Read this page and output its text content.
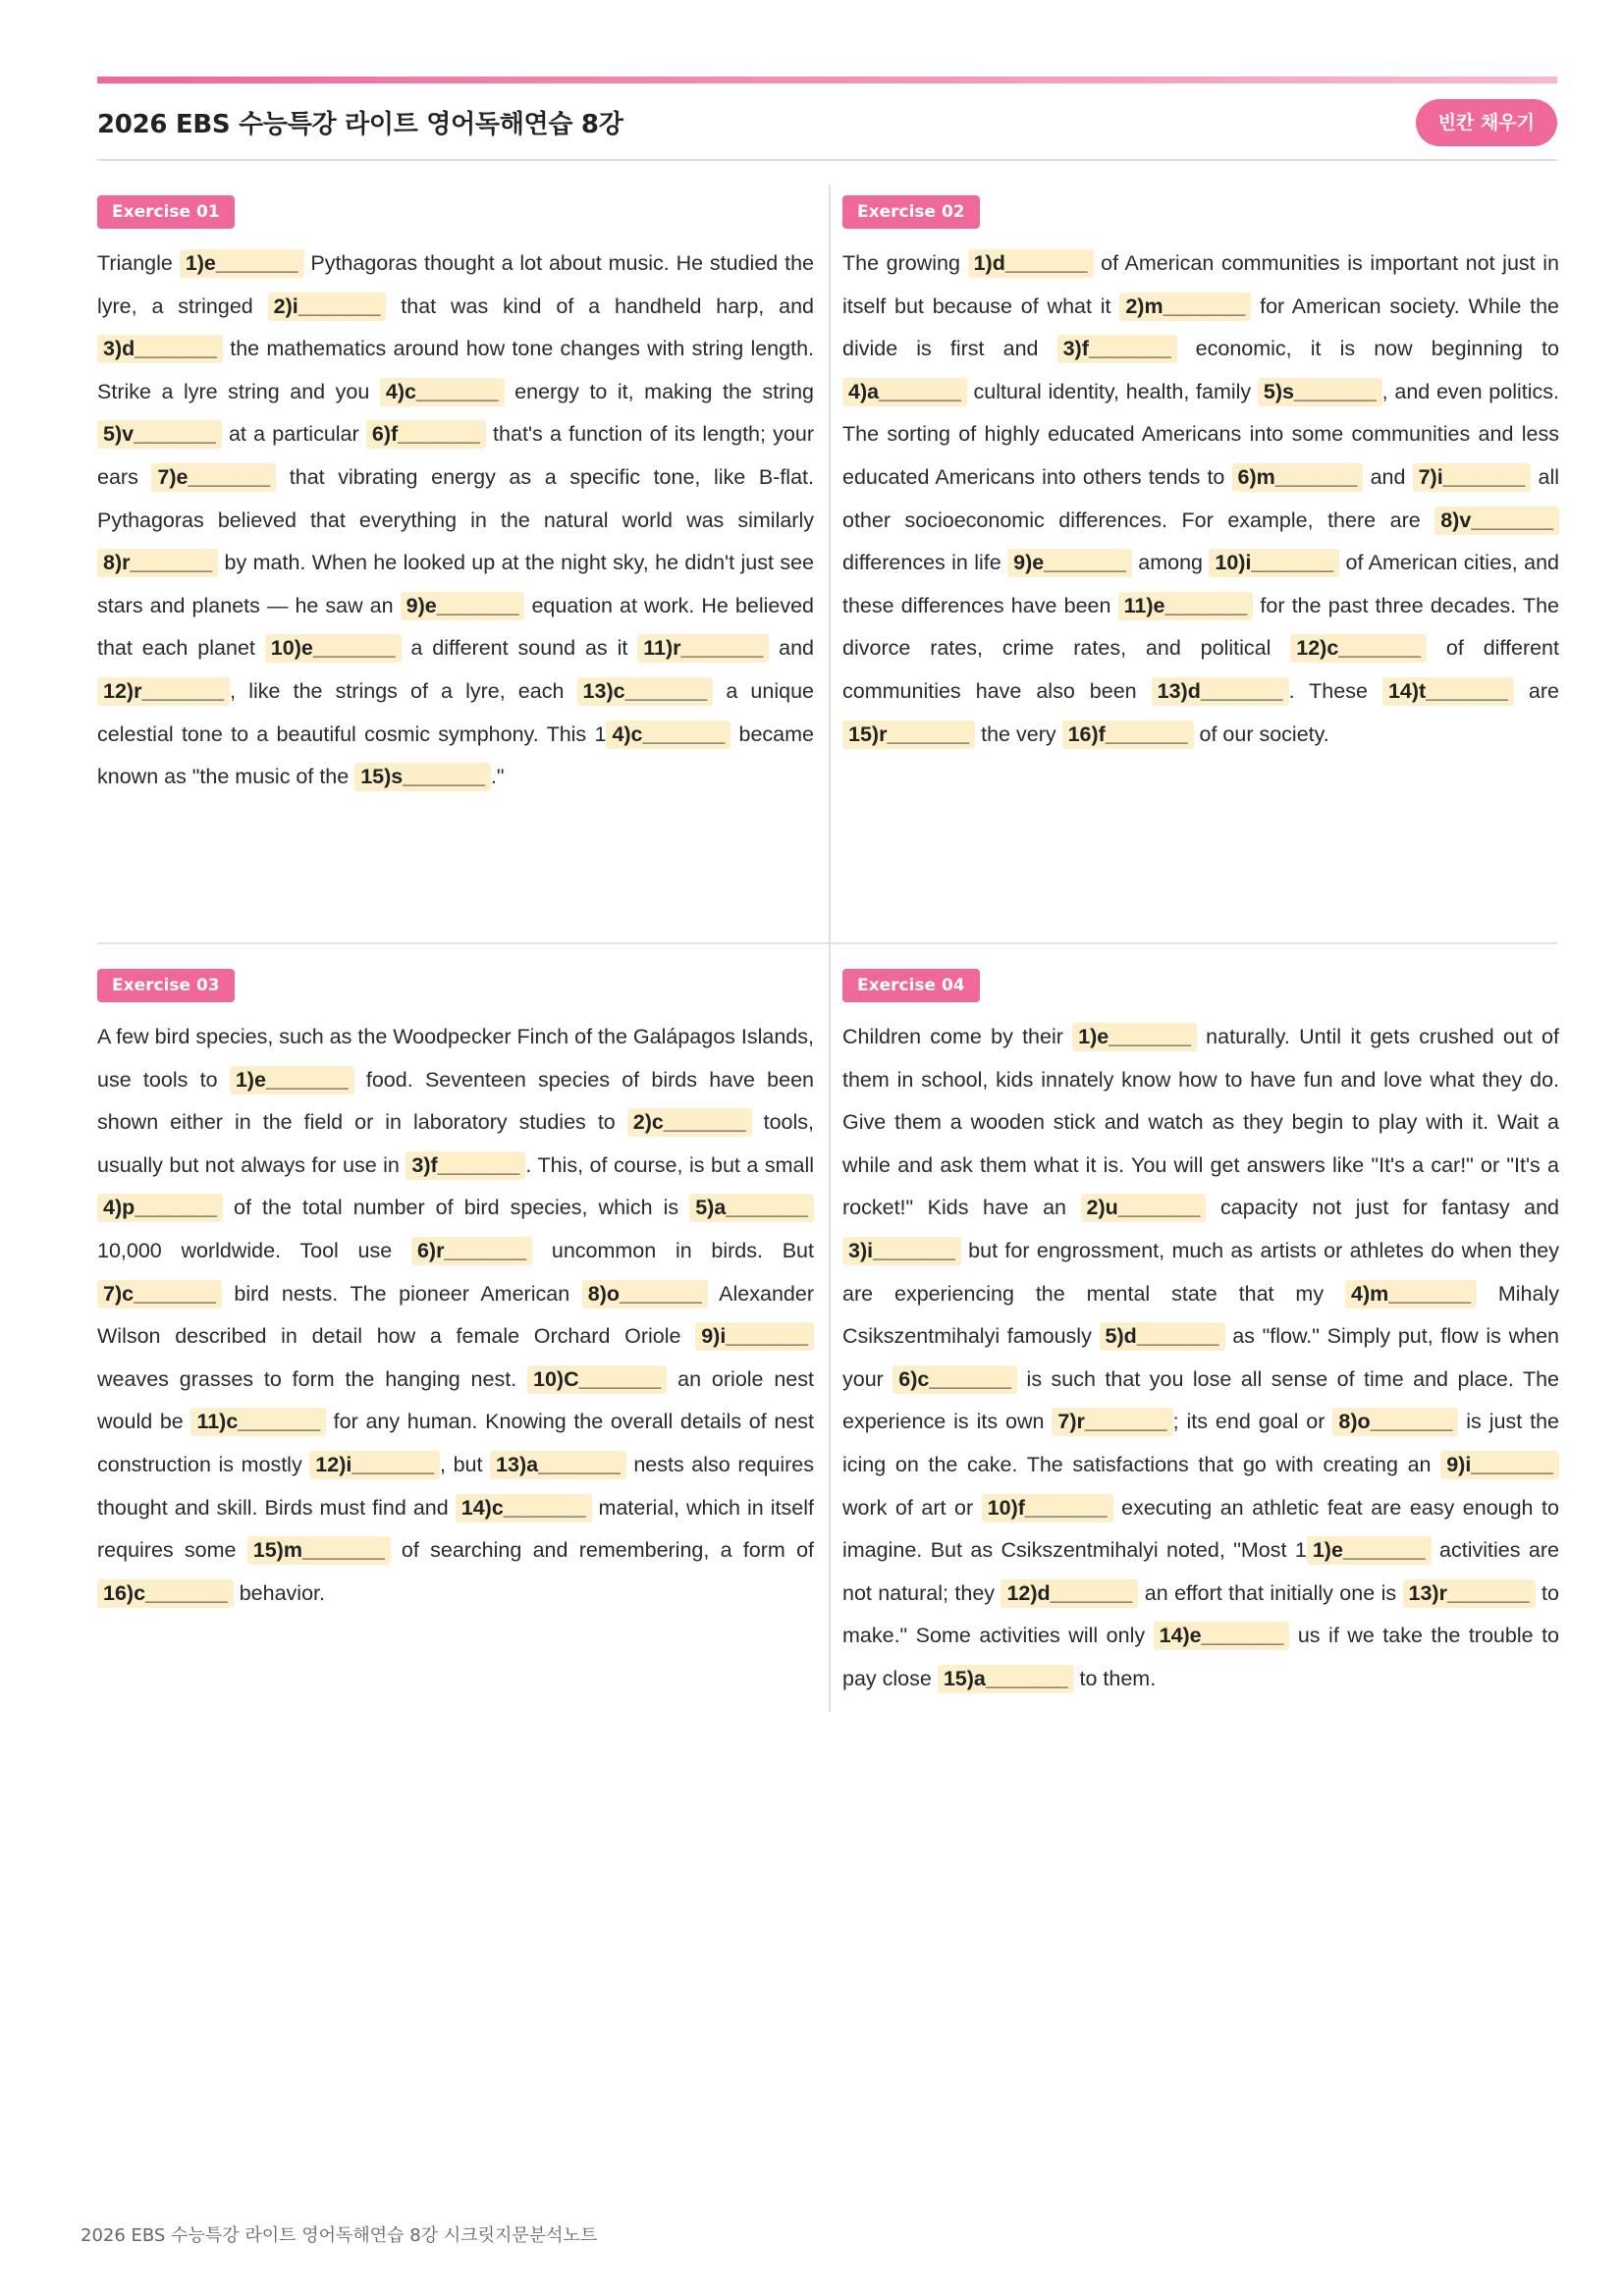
2026 EBS 수능특강 라이트 영어독해연습 8강	빈칸 채우기
Exercise 01
Triangle 1)e_______ Pythagoras thought a lot about music. He studied the lyre, a stringed 2)i_______ that was kind of a handheld harp, and 3)d_______ the mathematics around how tone changes with string length. Strike a lyre string and you 4)c_______ energy to it, making the string 5)v_______ at a particular 6)f_______ that's a function of its length; your ears 7)e_______ that vibrating energy as a specific tone, like B-flat. Pythagoras believed that everything in the natural world was similarly 8)r_______ by math. When he looked up at the night sky, he didn't just see stars and planets — he saw an 9)e_______ equation at work. He believed that each planet 10)e_______ a different sound as it 11)r_______ and 12)r_______ , like the strings of a lyre, each 13)c_______ a unique celestial tone to a beautiful cosmic symphony. This 1 4)c_______ became known as "the music of the 15)s_______ ."
Exercise 02
The growing 1)d_______ of American communities is important not just in itself but because of what it 2)m_______ for American society. While the divide is first and 3)f_______ economic, it is now beginning to 4)a_______ cultural identity, health, family 5)s_______ , and even politics. The sorting of highly educated Americans into some communities and less educated Americans into others tends to 6)m_______ and 7)i_______ all other socioeconomic differences. For example, there are 8)v_______ differences in life 9)e_______ among 10)i_______ of American cities, and these differences have been 11)e_______ for the past three decades. The divorce rates, crime rates, and political 12)c_______ of different communities have also been 13)d_______ . These 14)t_______ are 15)r_______ the very 16)f_______ of our society.
Exercise 03
A few bird species, such as the Woodpecker Finch of the Galápagos Islands, use tools to 1)e_______ food. Seventeen species of birds have been shown either in the field or in laboratory studies to 2)c_______ tools, usually but not always for use in 3)f_______ . This, of course, is but a small 4)p_______ of the total number of bird species, which is 5)a_______ 10,000 worldwide. Tool use 6)r_______ uncommon in birds. But 7)c_______ bird nests. The pioneer American 8)o_______ Alexander Wilson described in detail how a female Orchard Oriole 9)i_______ weaves grasses to form the hanging nest. 10)C_______ an oriole nest would be 11)c_______ for any human. Knowing the overall details of nest construction is mostly 12)i_______ , but 13)a_______ nests also requires thought and skill. Birds must find and 14)c_______ material, which in itself requires some 15)m_______ of searching and remembering, a form of 16)c_______ behavior.
Exercise 04
Children come by their 1)e_______ naturally. Until it gets crushed out of them in school, kids innately know how to have fun and love what they do. Give them a wooden stick and watch as they begin to play with it. Wait a while and ask them what it is. You will get answers like "It's a car!" or "It's a rocket!" Kids have an 2)u_______ capacity not just for fantasy and 3)i_______ but for engrossment, much as artists or athletes do when they are experiencing the mental state that my 4)m_______ Mihaly Csikszentmihalyi famously 5)d_______ as "flow." Simply put, flow is when your 6)c_______ is such that you lose all sense of time and place. The experience is its own 7)r_______ ; its end goal or 8)o_______ is just the icing on the cake. The satisfactions that go with creating an 9)i_______ work of art or 10)f_______ executing an athletic feat are easy enough to imagine. But as Csikszentmihalyi noted, "Most 1 1)e_______ activities are not natural; they 12)d_______ an effort that initially one is 13)r_______ to make." Some activities will only 14)e_______ us if we take the trouble to pay close 15)a_______ to them.
2026 EBS 수능특강 라이트 영어독해연습 8강 시크릿지문분석노트
